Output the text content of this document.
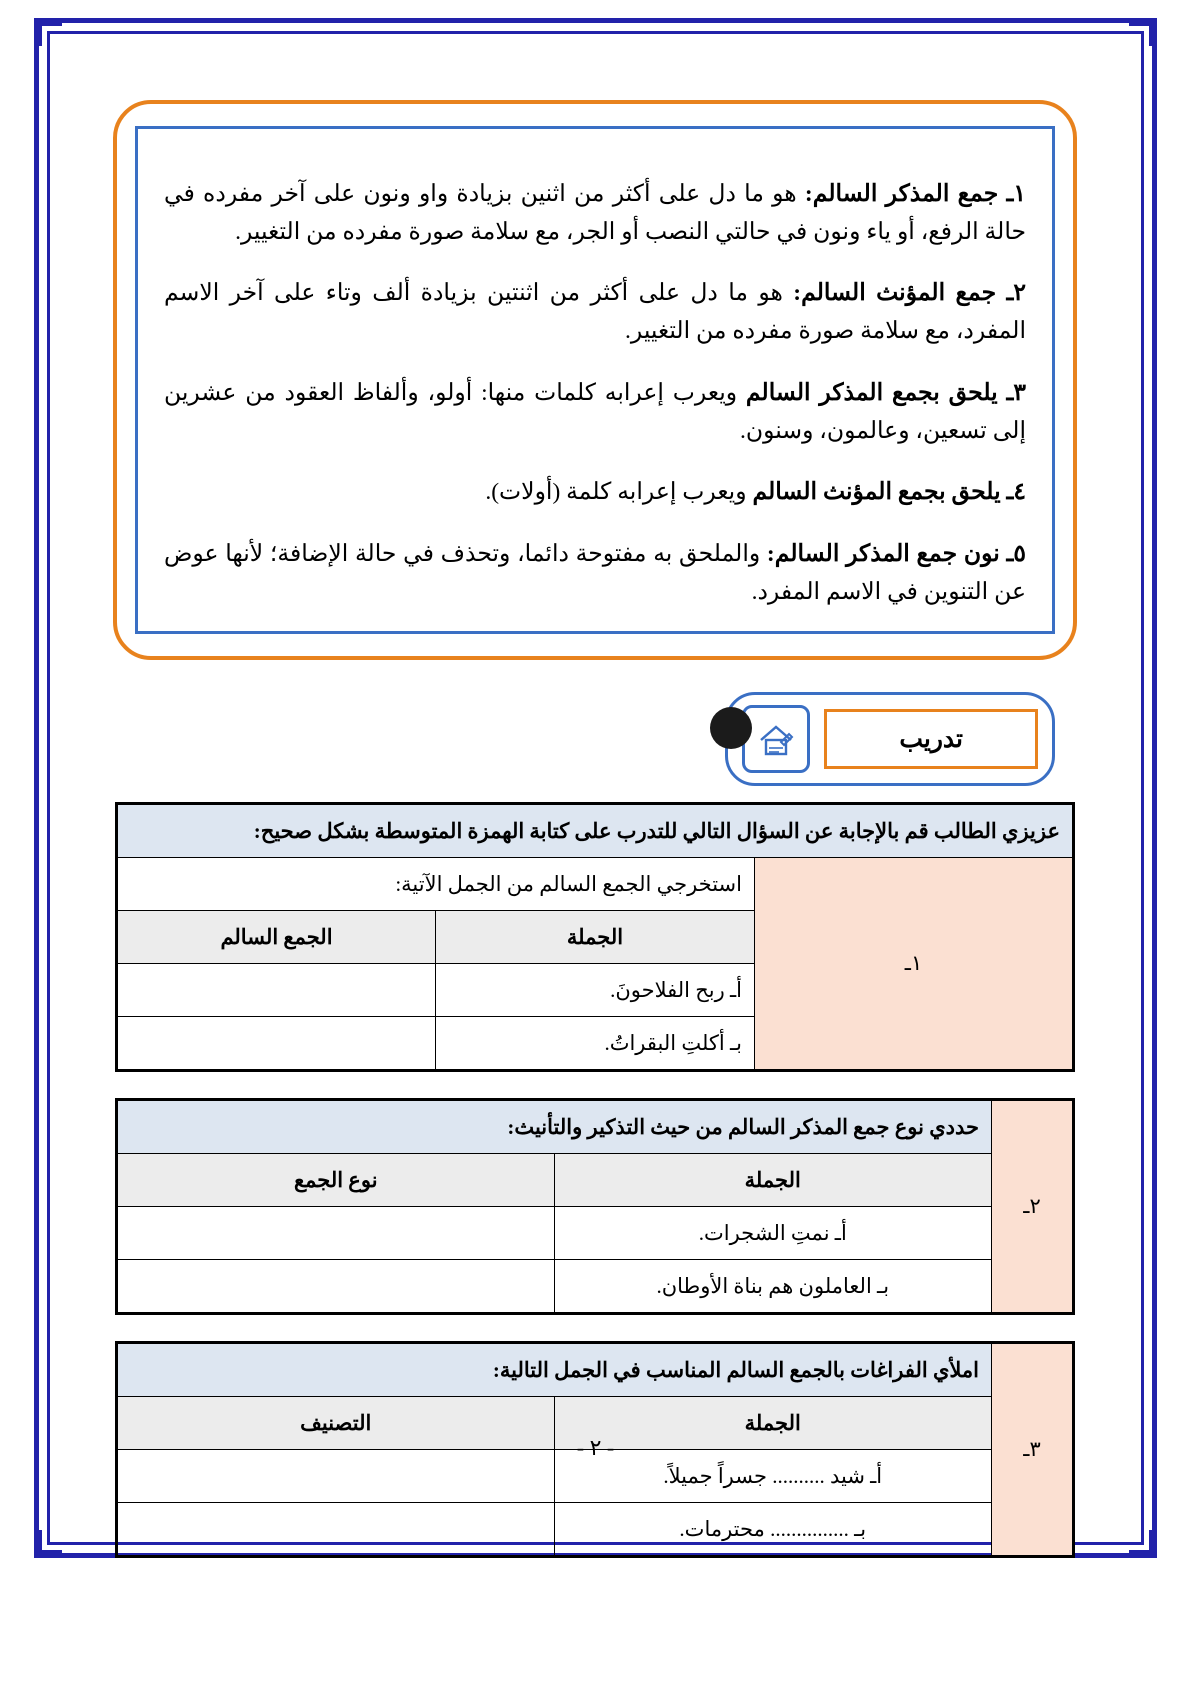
١ـ جمع المذكر السالم: هو ما دل على أكثر من اثنين بزيادة واو ونون على آخر مفرده في حالة الرفع، أو ياء ونون في حالتي النصب أو الجر، مع سلامة صورة مفرده من التغيير.

٢ـ جمع المؤنث السالم: هو ما دل على أكثر من اثنتين بزيادة ألف وتاء على آخر الاسم المفرد، مع سلامة صورة مفرده من التغيير.

٣ـ يلحق بجمع المذكر السالم ويعرب إعرابه كلمات منها: أولو، وألفاظ العقود من عشرين إلى تسعين، وعالمون، وسنون.

٤ـ يلحق بجمع المؤنث السالم ويعرب إعرابه كلمة (أولات).

٥ـ نون جمع المذكر السالم: والملحق به مفتوحة دائما، وتحذف في حالة الإضافة؛ لأنها عوض عن التنوين في الاسم المفرد.

تدريب
عزيزي الطالب قم بالإجابة عن السؤال التالي للتدرب على كتابة الهمزة المتوسطة بشكل صحيح:		
١ـ	استخرجي الجمع السالم من الجمل الآتية:	
	الجملة	الجمع السالم
	أـ ربح الفلاحونَ.	
	بـ أكلتِ البقراتُ.	
٢ـ	حددي نوع جمع المذكر السالم من حيث التذكير والتأنيث:	
	الجملة	نوع الجمع
	أـ نمتِ الشجرات.	
	بـ العاملون هم بناة الأوطان.	
٣ـ	املأي الفراغات بالجمع السالم المناسب في الجمل التالية:	
	الجملة	التصنيف
	أـ شيد .......... جسراً جميلاً.	
	بـ ............... محترمات.	
- ٢ -
